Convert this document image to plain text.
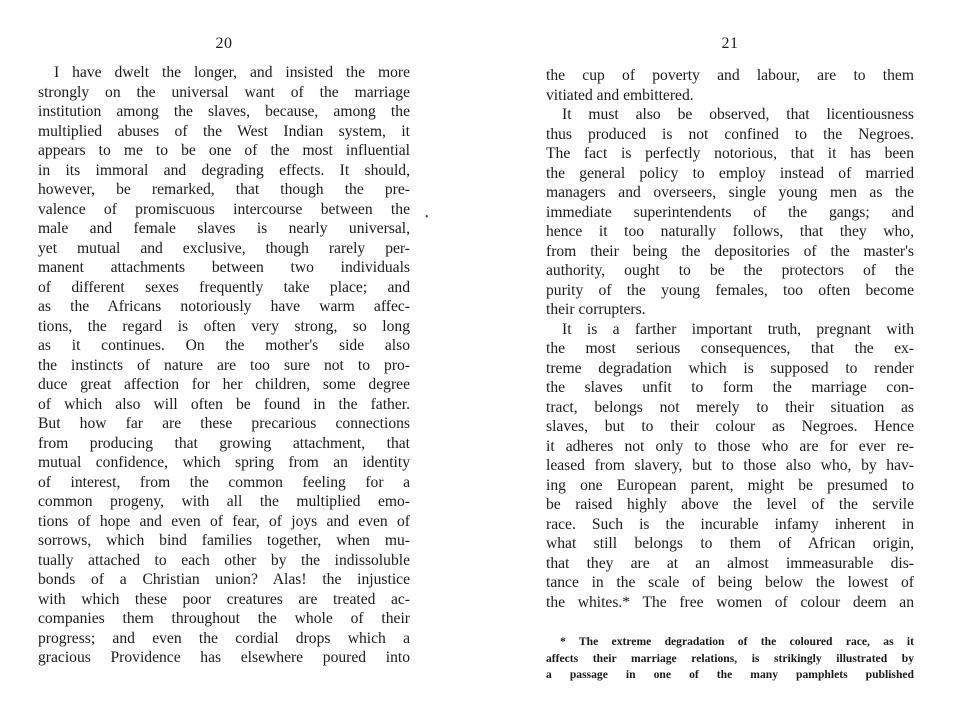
20
I have dwelt the longer, and insisted the more
strongly on the universal want of the marriage
institution among the slaves, because, among the
multiplied abuses of the West Indian system, it
appears to me to be one of the most influential
in its immoral and degrading effects. It should,
however, be remarked, that though the pre-
valence of promiscuous intercourse between the
male and female slaves is nearly universal,
yet mutual and exclusive, though rarely per-
manent attachments between two individuals
of different sexes frequently take place; and
as the Africans notoriously have warm affec-
tions, the regard is often very strong, so long
as it continues. On the mother's side also
the instincts of nature are too sure not to pro-
duce great affection for her children, some degree
of which also will often be found in the father.
But how far are these precarious connections
from producing that growing attachment, that
mutual confidence, which spring from an identity
of interest, from the common feeling for a
common progeny, with all the multiplied emo-
tions of hope and even of fear, of joys and even of
sorrows, which bind families together, when mu-
tually attached to each other by the indissoluble
bonds of a Christian union? Alas! the injustice
with which these poor creatures are treated ac-
companies them throughout the whole of their
progress; and even the cordial drops which a
gracious Providence has elsewhere poured into
21
the cup of poverty and labour, are to them
vitiated and embittered.
It must also be observed, that licentiousness
thus produced is not confined to the Negroes.
The fact is perfectly notorious, that it has been
the general policy to employ instead of married
managers and overseers, single young men as the
immediate superintendents of the gangs; and
hence it too naturally follows, that they who,
from their being the depositories of the master's
authority, ought to be the protectors of the
purity of the young females, too often become
their corrupters.
It is a farther important truth, pregnant with
the most serious consequences, that the ex-
treme degradation which is supposed to render
the slaves unfit to form the marriage con-
tract, belongs not merely to their situation as
slaves, but to their colour as Negroes. Hence
it adheres not only to those who are for ever re-
leased from slavery, but to those also who, by hav-
ing one European parent, might be presumed to
be raised highly above the level of the servile
race. Such is the incurable infamy inherent in
what still belongs to them of African origin,
that they are at an almost immeasurable dis-
tance in the scale of being below the lowest of
the whites.* The free women of colour deem an
* The extreme degradation of the coloured race, as it
affects their marriage relations, is strikingly illustrated by
a passage in one of the many pamphlets published
•
